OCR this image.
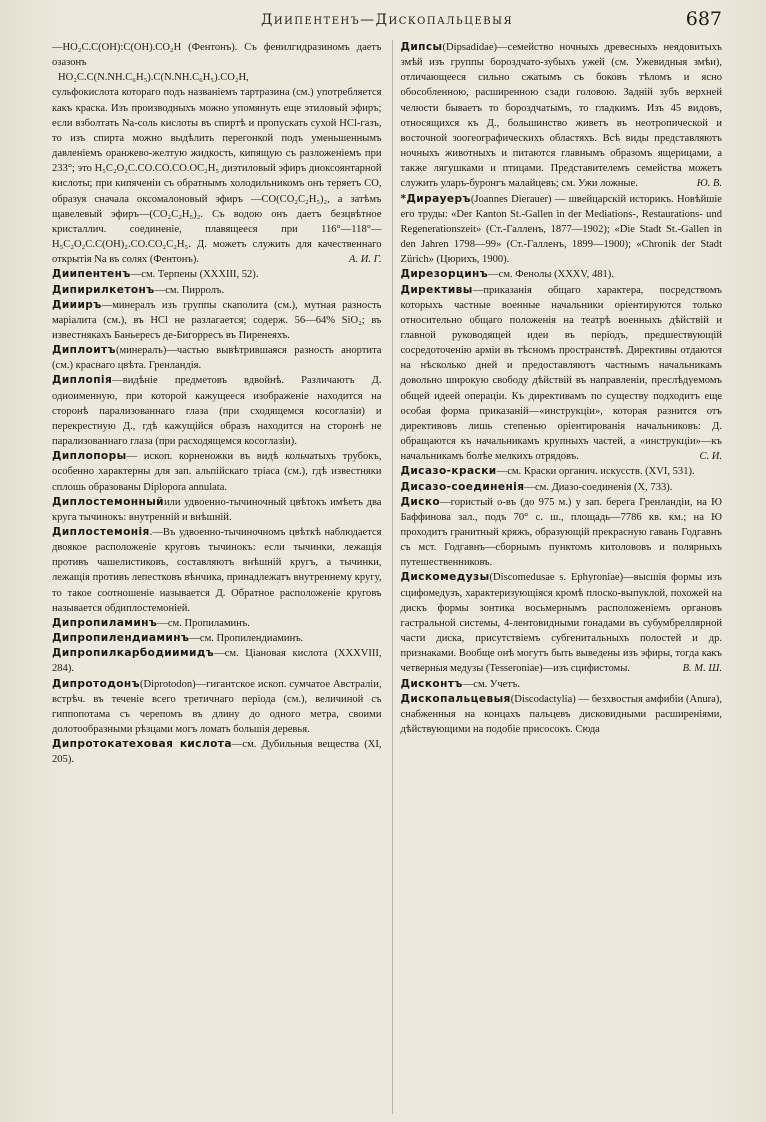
Диипентенъ—Дископальцевыя	687
—HO₂C.C(OH):C(OH).CO₂H (Фентонъ). Съ фенилгидразиномъ даетъ озазонъ
HO₂C.C(N.NH.C₆H₅).C(N.NH.C₆H₅).CO₂H,
сульфокислота котораго подъ названіемъ тартразина (см.) употребляется какъ краска. Изъ производныхъ можно упомянуть еще этиловый эфиръ; если взболтать Na-соль кислоты въ спиртѣ и пропускать сухой HCl-газъ, то изъ спирта можно выдѣлить перегонкой подъ уменьшеннымъ давленіемъ оранжево-желтую жидкость, кипящую съ разложеніемъ при 233°; это H₅C₂O₂C.CO.CO.CO.OC₂H₅ диэтиловый эфиръ диоксоянтарной кислоты; при кипяченіи съ обратнымъ холодильникомъ онъ теряетъ CO, образуя сначала оксомалоновый эфиръ —CO(CO₂C₂H₅)₂, а затѣмъ щавелевый эфиръ—(CO₂C₂H₅)₂. Съ водою онъ даетъ безцвѣтное кристаллич. соединеніе, плавящееся при 116°—118°—H₅C₂O₂C.C(OH)₂.CO.CO₂C₂H₅. Д. можетъ служить для качественнаго открытія Na въ солях (Фентонъ).	А. И. Г.
Диипентенъ—см. Терпены (XXXIII, 52).
Дипирилкетонъ—см. Пирролъ.
Диииръ—минералъ изъ группы скаполита (см.), мутная разность маріалита (см.), въ HCl не разлагается; содерж. 56—64% SiO₂; въ известнякахъ Баньересъ де-Бигорресъ въ Пиренеяхъ.
Диплоитъ(минералъ)—частью вывѣтрившаяся разность анортита (см.) краснаго цвѣта. Гренландія.
Диплопія—видѣніе предметовъ вдвойнѣ. Различаютъ Д. одноименную, при которой кажущееся изображеніе находится на сторонѣ парализованнаго глаза (при сходящемся косоглазіи) и перекрестную Д., гдѣ кажущійся образъ находится на сторонѣ не парализованнаго глаза (при расходящемся косоглазіи).
Диплопоры— ископ. корненожки въ видѣ кольчатыхъ трубокъ, особенно характерны для зап. альпійскаго тріаса (см.), гдѣ известняки сплошь образованы Diplopora annulata.
Диплостемонныйили удвоенно-тычиночный цвѣтокъ имѣетъ два круга тычинокъ: внутренній и внѣшній.
Диплостемонія.—Въ удвоенно-тычиночномъ цвѣткѣ наблюдается двоякое расположеніе круговъ тычинокъ: если тычинки, лежащія противъ чашелистиковъ, составляютъ внѣшній кругъ, а тычинки, лежащія противъ лепестковъ вѣнчика, принадлежатъ внутреннему кругу, то такое соотношеніе называется Д. Обратное расположеніе круговъ называется обдиплостемоніей.
Дипропиламинъ—см. Пропиламинъ.
Дипропилендиаминъ—см. Пропилендиаминъ.
Дипропилкарбодиимидъ—см. Ціановая кислота (XXXVIII, 284).
Дипротодонъ(Diprotodon)—гигантское ископ. сумчатое Австраліи, встрѣч. въ теченіе всего третичнаго періода (см.), величиной съ гиппопотама съ черепомъ въ длину до одного метра, своими долотообразными рѣзцами могъ ломать большія деревья.
Дипротокатеховая кислота—см. Дубильныя вещества (XI, 205).
Дипсы(Dipsadidae)—семейство ночныхъ древесныхъ неядовитыхъ змѣй изъ группы бороздчато-зубыхъ ужей (см. Ужевидныя змѣи), отличающееся сильно сжатымъ съ боковъ тѣломъ и ясно обособленною, расширенною сзади головою. Задній зубъ верхней челюсти бываетъ то бороздчатымъ, то гладкимъ. Изъ 45 видовъ, относящихся къ Д., большинство живетъ въ неотропической и восточной зоогеографическихъ областяхъ. Всѣ виды представляютъ ночныхъ животныхъ и питаются главнымъ образомъ ящерицами, а также лягушками и птицами. Представителемъ семейства можетъ служить уларъ-буронгъ малайцевъ; см. Ужи ложные.	Ю. В.
*Дирауеръ(Joannes Dierauer) — швейцарскій историкъ. Новѣйшіе его труды: «Der Kanton St.-Gallen in der Mediations-, Restaurations- und Regenerationszeit» (Ст.-Галленъ, 1877—1902); «Die Stadt St.-Gallen in den Jahren 1798—99» (Ст.-Галленъ, 1899—1900); «Chronik der Stadt Zürich» (Цюрихъ, 1900).
Дирезорцинъ—см. Фенолы (XXXV, 481).
Директивы—приказанія общаго характера, посредствомъ которыхъ частные военные начальники оріентируются только относительно общаго положенія на театрѣ военныхъ дѣйствій и главной руководящей идеи въ періодъ, предшествующій сосредоточенію арміи въ тѣсномъ пространствѣ. Директивы отдаются на нѣсколько дней и предоставляютъ частнымъ начальникамъ довольно широкую свободу дѣйствій въ направленіи, преслѣдуемомъ общей идеей операціи. Къ директивамъ по существу подходитъ еще особая форма приказаній—«инструкціи», которая разнится отъ директивовъ лишь степенью оріентированія начальниковъ: Д. обращаются къ начальникамъ крупныхъ частей, а «инструкціи»—къ начальникамъ болѣе мелкихъ отрядовъ.	С. И.
Дисазо-краски—см. Краски органич. искусств. (XVI, 531).
Дисазо-соединенія—см. Диазо-соединенія (X, 733).
Диско—гористый о-въ (до 975 м.) у зап. берега Гренландіи, на Ю Баффинова зал., подъ 70° с. ш., площадь—7786 кв. км.; на Ю проходитъ гранитный кряжъ, образующій прекрасную гавань Годгавнъ съ мст. Годгавнъ—сборнымъ пунктомъ китолововъ и полярныхъ путешественниковъ.
Дискомедузы(Discomedusae s. Ephyroniae)—высшія формы изъ сцифомедузъ, характеризующіяся кромѣ плоско-выпуклой, похожей на дискъ формы зонтика восьмернымъ расположеніемъ органовъ гастральной системы, 4-лентовидными гонадами въ субумбреллярной части диска, присутствіемъ субгенитальныхъ полостей и др. признаками. Вообще онѣ могутъ быть выведены изъ эфиры, тогда какъ четверныя медузы (Tesseroniae)—изъ сцифистомы.	В. М. Ш.
Дисконтъ—см. Учетъ.
Дископальцевыя(Discodactylia) — безхвостыя амфибіи (Anura), снабженныя на концахъ пальцевъ дисковидными расширеніями, дѣйствующими на подобіе присосокъ. Сюда
